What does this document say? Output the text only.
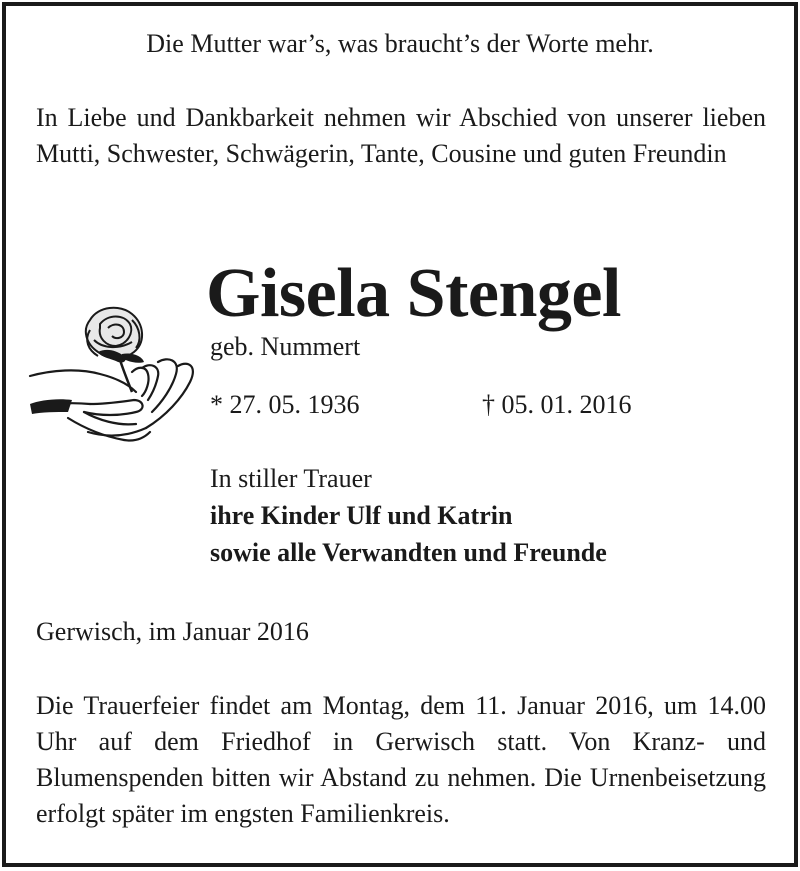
Die Mutter war’s, was braucht’s der Worte mehr.

In Liebe und Dankbarkeit nehmen wir Abschied von unserer lieben Mutti, Schwester, Schwägerin, Tante, Cousine und guten Freundin

Gisela Stengel

geb. Nummert

* 27. 05. 1936	† 05. 01. 2016

In stiller Trauer
ihre Kinder Ulf und Katrin
sowie alle Verwandten und Freunde

Gerwisch, im Januar 2016

Die Trauerfeier findet am Montag, dem 11. Januar 2016, um 14.00 Uhr auf dem Friedhof in Gerwisch statt. Von Kranz- und Blumenspenden bitten wir Abstand zu nehmen. Die Urnenbeisetzung erfolgt später im engsten Familienkreis.
